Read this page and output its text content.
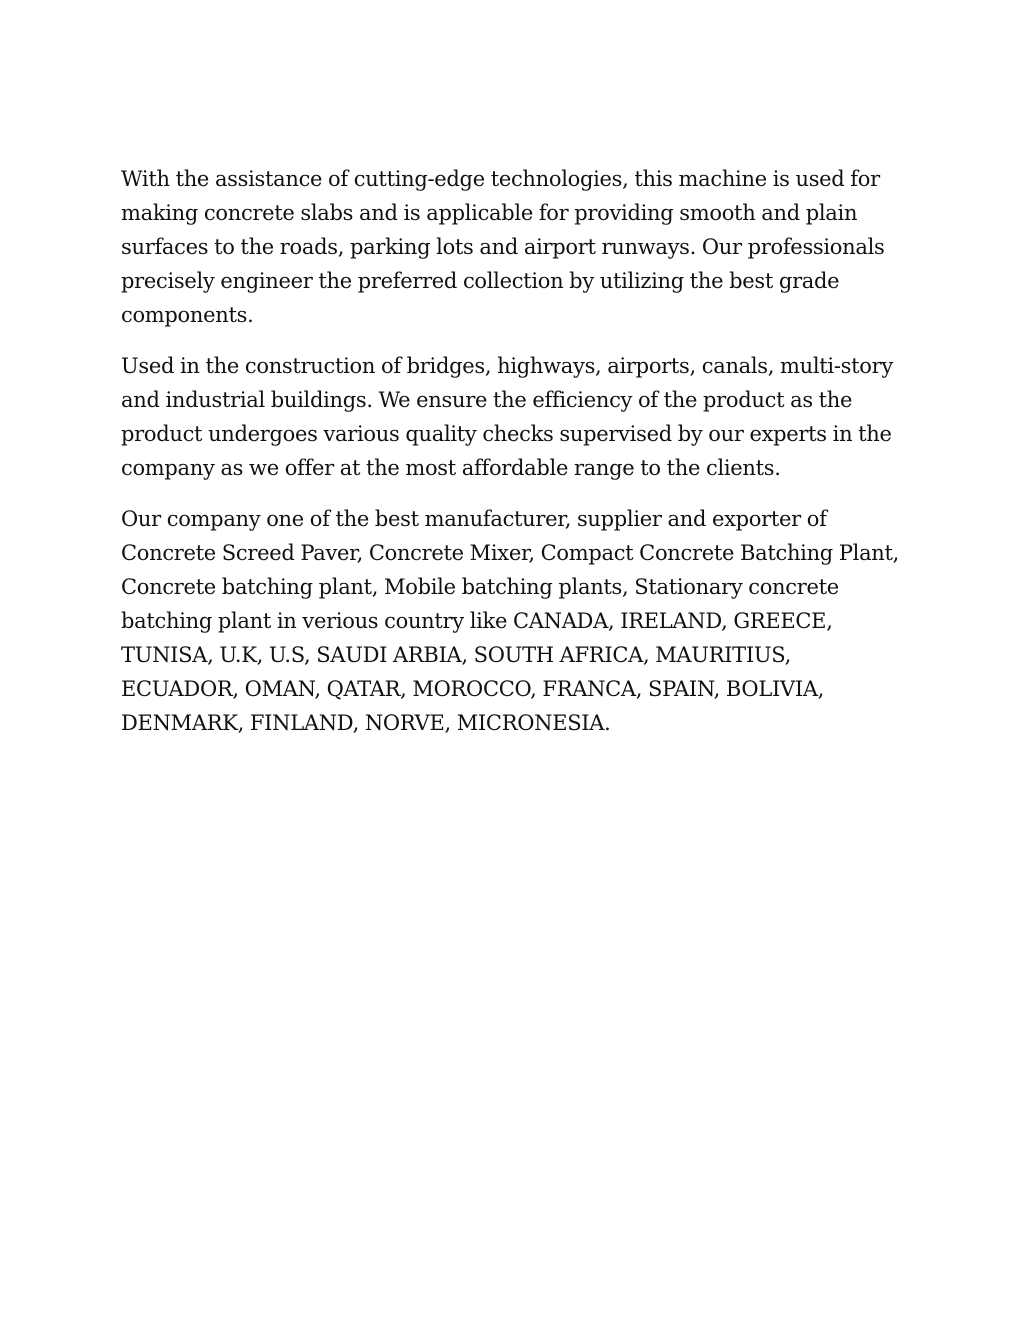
With the assistance of cutting-edge technologies, this machine is used for making concrete slabs and is applicable for providing smooth and plain surfaces to the roads, parking lots and airport runways. Our professionals precisely engineer the preferred collection by utilizing the best grade components.

Used in the construction of bridges, highways, airports, canals, multi-story and industrial buildings. We ensure the efficiency of the product as the product undergoes various quality checks supervised by our experts in the company as we offer at the most affordable range to the clients.

Our company one of the best manufacturer, supplier and exporter of Concrete Screed Paver, Concrete Mixer, Compact Concrete Batching Plant, Concrete batching plant, Mobile batching plants, Stationary concrete batching plant in verious country like CANADA, IRELAND, GREECE, TUNISA, U.K, U.S, SAUDI ARBIA, SOUTH AFRICA, MAURITIUS, ECUADOR, OMAN, QATAR, MOROCCO, FRANCA, SPAIN, BOLIVIA, DENMARK, FINLAND, NORVE, MICRONESIA.
